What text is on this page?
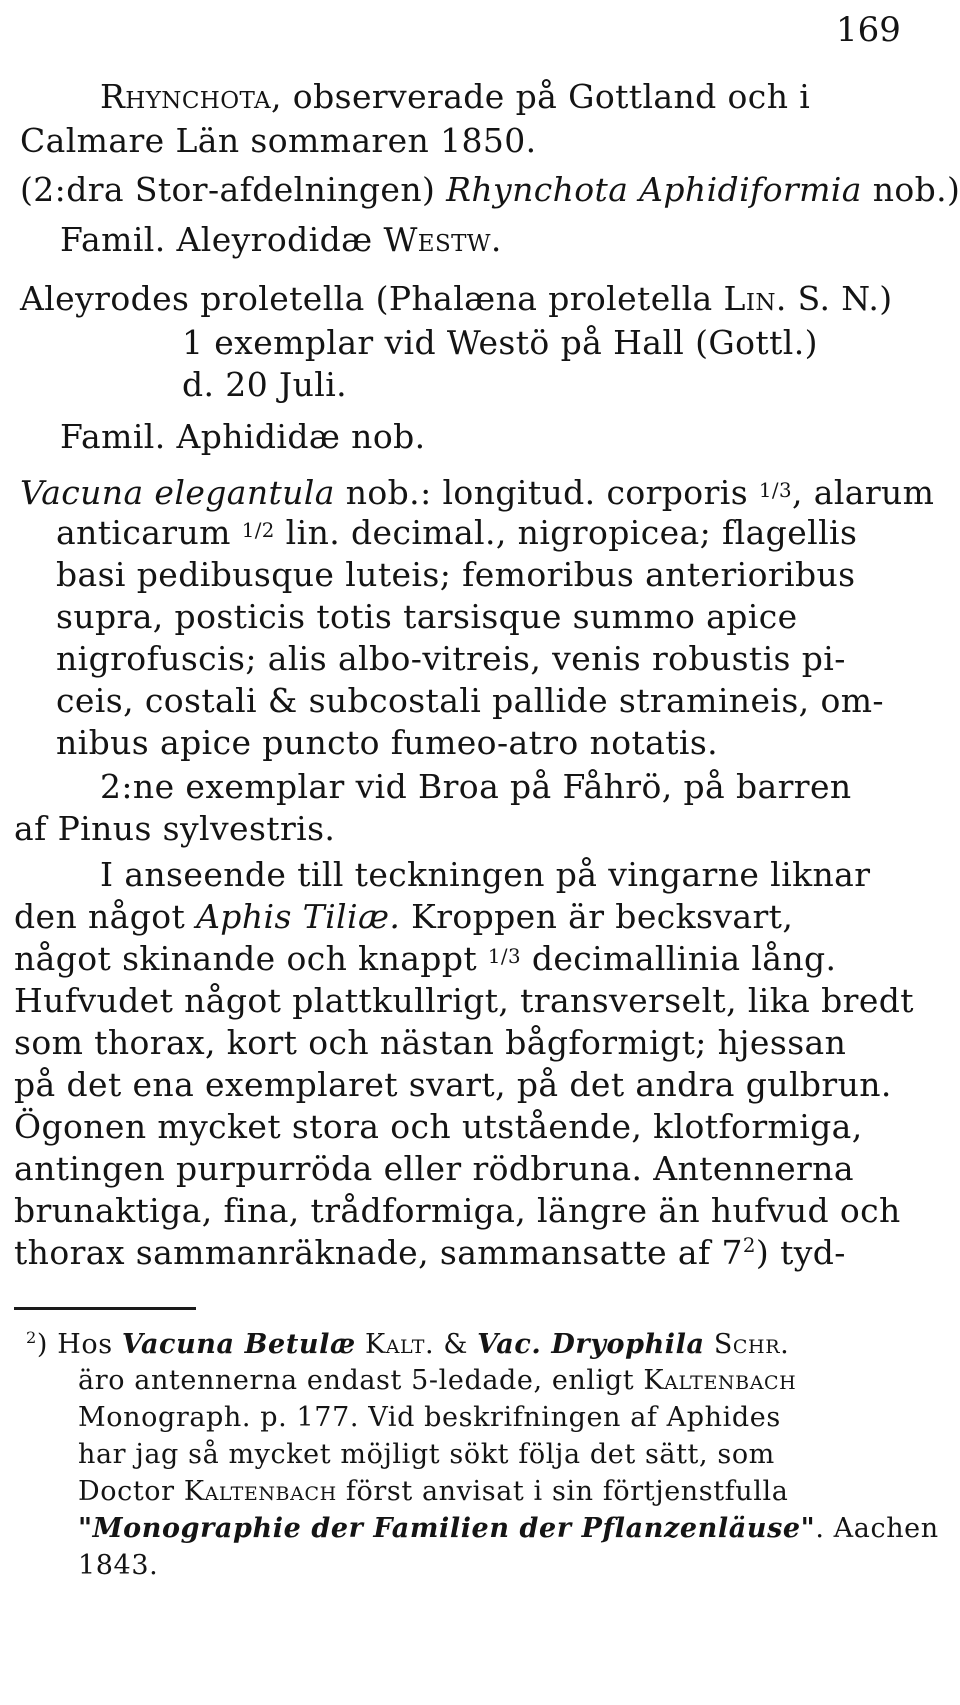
169
Rhynchota, observerade på Gottland och i
Calmare Län sommaren 1850.
(2:dra Stor-afdelningen) Rhynchota Aphidiformia nob.)
Famil. Aleyrodidæ Westw.
Aleyrodes proletella (Phalæna proletella Lin. S. N.)
1 exemplar vid Westö på Hall (Gottl.)
d. 20 Juli.
Famil. Aphididæ nob.
Vacuna elegantula nob.: longitud. corporis $^{1/3}$, alarum
anticarum $^{1/2}$ lin. decimal., nigropicea; flagellis
basi pedibusque luteis; femoribus anterioribus
supra, posticis totis tarsisque summo apice
nigrofuscis; alis albo-vitreis, venis robustis pi-
ceis, costali & subcostali pallide stramineis, om-
nibus apice puncto fumeo-atro notatis.
2:ne exemplar vid Broa på Fåhrö, på barren
af Pinus sylvestris.
I anseende till teckningen på vingarne liknar
den något Aphis Tiliæ. Kroppen är becksvart,
något skinande och knappt $^{1/3}$ decimallinia lång.
Hufvudet något plattkullrigt, transverselt, lika bredt
som thorax, kort och nästan bågformigt; hjessan
på det ena exemplaret svart, på det andra gulbrun.
Ögonen mycket stora och utstående, klotformiga,
antingen purpurröda eller rödbruna. Antennerna
brunaktiga, fina, trådformiga, längre än hufvud och
thorax sammanräknade, sammansatte af $7^2$) tyd-
$^2$) Hos Vacuna Betulæ Kalt. & Vac. Dryophila Schr.
äro antennerna endast 5-ledade, enligt Kaltenbach
Monograph. p. 177. Vid beskrifningen af Aphides
har jag så mycket möjligt sökt följa det sätt, som
Doctor Kaltenbach först anvisat i sin förtjenstfulla
"Monographie der Familien der Pflanzenläuse". Aachen
1843.
